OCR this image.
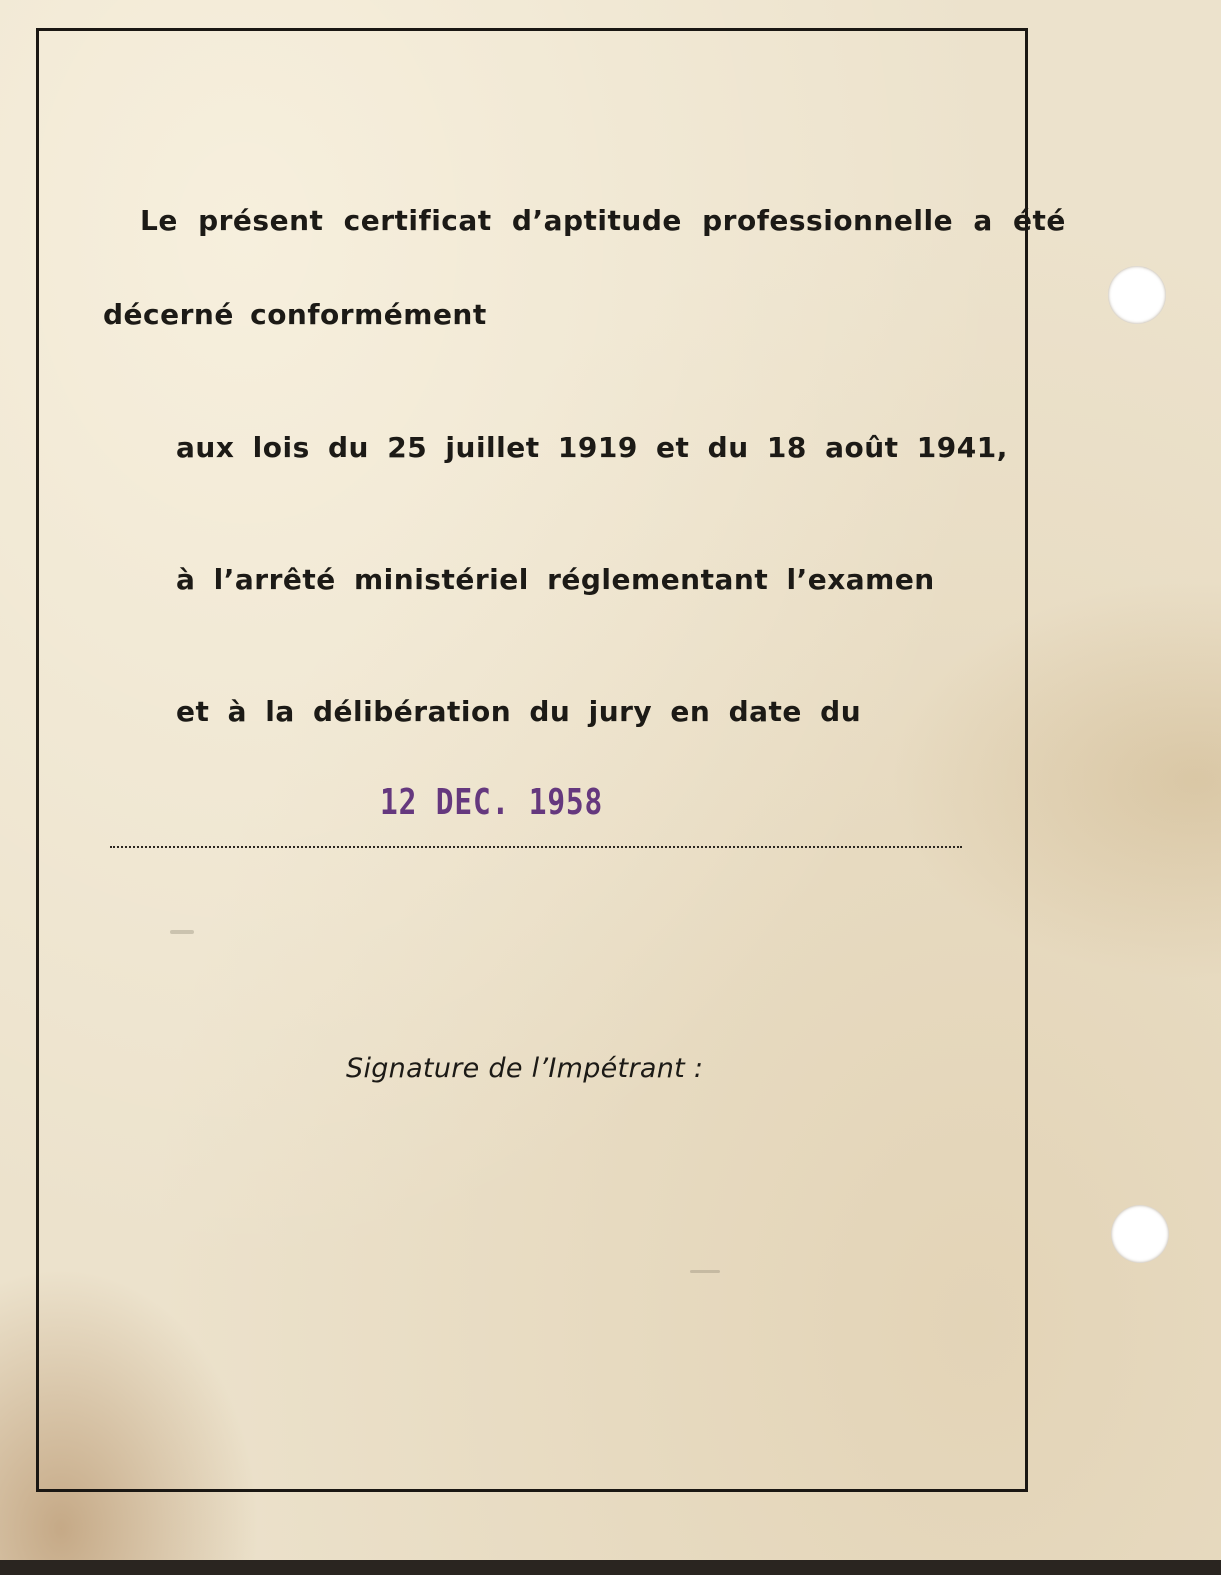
Le présent certificat d’aptitude professionnelle a été
décerné conformément
aux lois du 25 juillet 1919 et du 18 août 1941,
à l’arrêté ministériel réglementant l’examen
et à la délibération du jury en date du
12 DEC. 1958
Signature de l’Impétrant :
